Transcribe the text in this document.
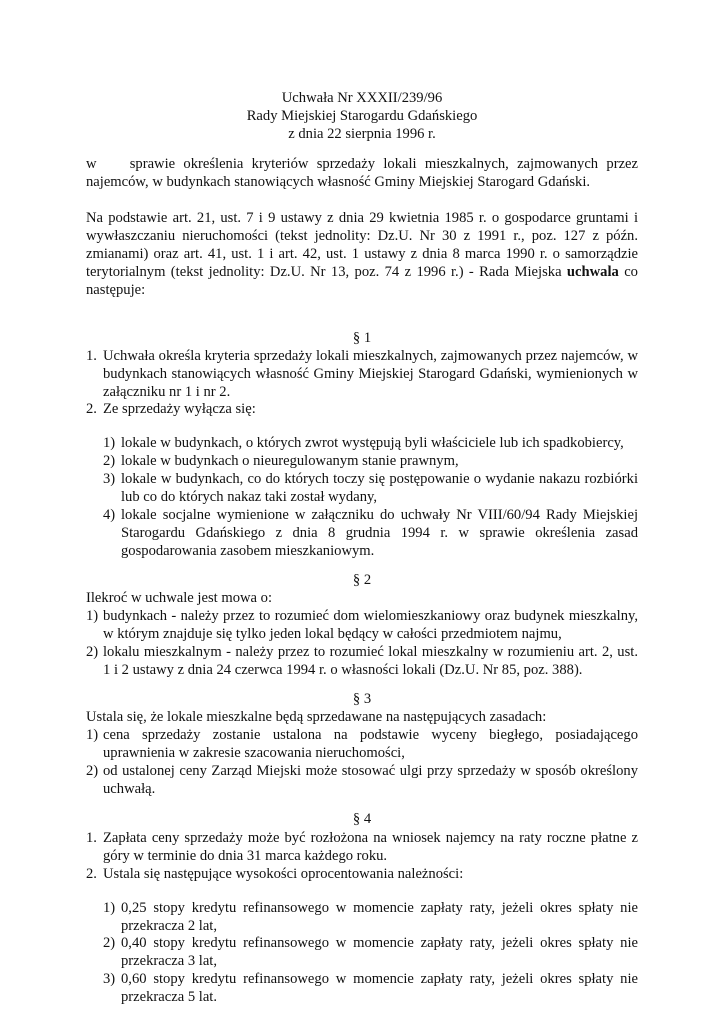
Uchwała Nr XXXII/239/96
Rady Miejskiej Starogardu Gdańskiego
z dnia 22 sierpnia 1996 r.
w    sprawie określenia kryteriów sprzedaży lokali mieszkalnych, zajmowanych przez najemców, w budynkach stanowiących własność Gminy Miejskiej Starogard Gdański.
Na podstawie art. 21, ust. 7 i 9 ustawy z dnia 29 kwietnia 1985 r. o gospodarce gruntami i wywłaszczaniu nieruchomości (tekst jednolity: Dz.U. Nr 30 z 1991 r., poz. 127 z późn. zmianami) oraz art. 41, ust. 1 i art. 42, ust. 1 ustawy z dnia 8 marca 1990 r. o samorządzie terytorialnym (tekst jednolity: Dz.U. Nr 13, poz. 74 z 1996 r.) - Rada Miejska uchwala co następuje:
§ 1
1. Uchwała określa kryteria sprzedaży lokali mieszkalnych, zajmowanych przez najemców, w budynkach stanowiących własność Gminy Miejskiej Starogard Gdański, wymienionych w załączniku nr 1 i nr 2.
2. Ze sprzedaży wyłącza się:
1) lokale w budynkach, o których zwrot występują byli właściciele lub ich spadkobiercy,
2) lokale w budynkach o nieuregulowanym stanie prawnym,
3) lokale w budynkach, co do których toczy się postępowanie o wydanie nakazu rozbiórki lub co do których nakaz taki został wydany,
4) lokale socjalne wymienione w załączniku do uchwały Nr VIII/60/94 Rady Miejskiej Starogardu Gdańskiego z dnia 8 grudnia 1994 r. w sprawie określenia zasad gospodarowania zasobem mieszkaniowym.
§ 2
Ilekroć w uchwale jest mowa o:
1) budynkach - należy przez to rozumieć dom wielomieszkaniowy oraz budynek mieszkalny, w którym znajduje się tylko jeden lokal będący w całości przedmiotem najmu,
2) lokalu mieszkalnym - należy przez to rozumieć lokal mieszkalny w rozumieniu art. 2, ust. 1 i 2 ustawy z dnia 24 czerwca 1994 r. o własności lokali (Dz.U. Nr 85, poz. 388).
§ 3
Ustala się, że lokale mieszkalne będą sprzedawane na następujących zasadach:
1) cena sprzedaży zostanie ustalona na podstawie wyceny biegłego, posiadającego uprawnienia w zakresie szacowania nieruchomości,
2) od ustalonej ceny Zarząd Miejski może stosować ulgi przy sprzedaży w sposób określony uchwałą.
§ 4
1. Zapłata ceny sprzedaży może być rozłożona na wniosek najemcy na raty roczne płatne z góry w terminie do dnia 31 marca każdego roku.
2. Ustala się następujące wysokości oprocentowania należności:
1) 0,25 stopy kredytu refinansowego w momencie zapłaty raty, jeżeli okres spłaty nie przekracza 2 lat,
2) 0,40 stopy kredytu refinansowego w momencie zapłaty raty, jeżeli okres spłaty nie przekracza 3 lat,
3) 0,60 stopy kredytu refinansowego w momencie zapłaty raty, jeżeli okres spłaty nie przekracza 5 lat.
